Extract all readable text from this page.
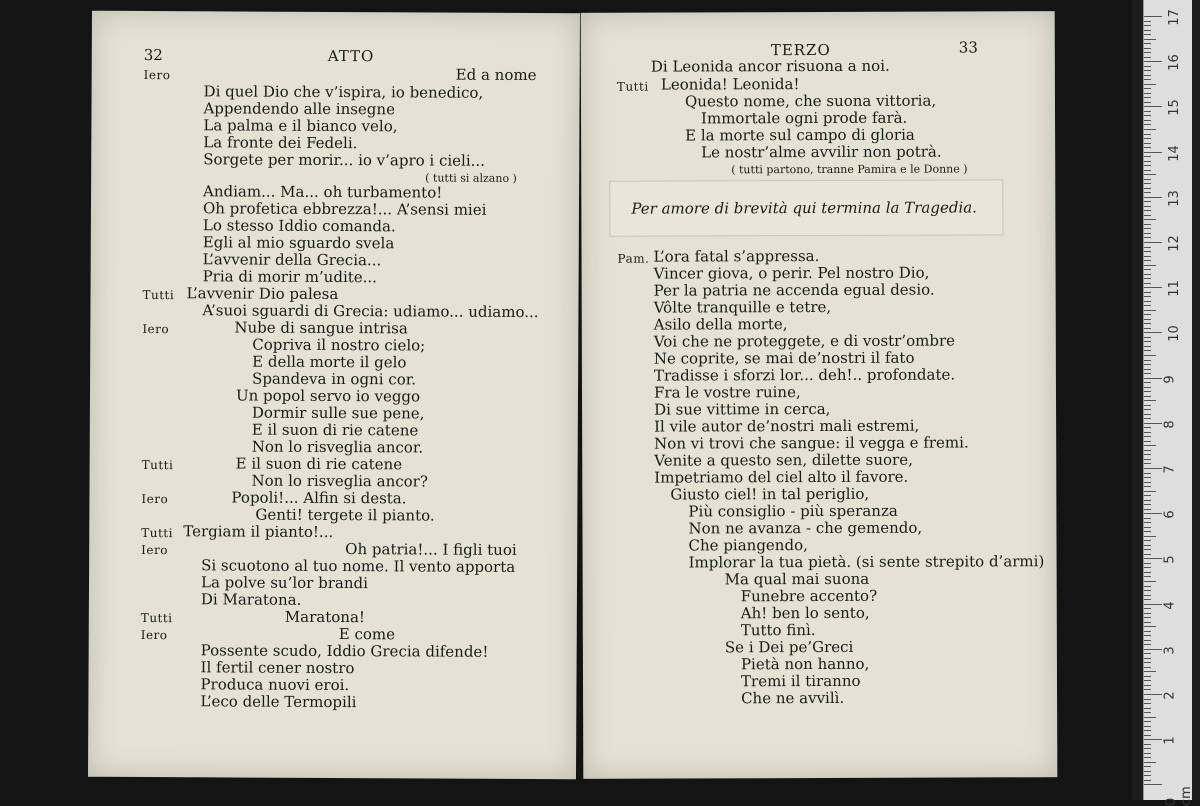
32	ATTO
Iero	Ed a nome
Di quel Dio che v’ispira, io benedico,
Appendendo alle insegne
La palma e il bianco velo,
La fronte dei Fedeli.
Sorgete per morir... io v’apro i cieli...
( tutti si alzano )
Andiam... Ma... oh turbamento!
Oh profetica ebbrezza!... A’sensi miei
Lo stesso Iddio comanda.
Egli al mio sguardo svela
L’avvenir della Grecia...
Pria di morir m’udite...
Tutti L’avvenir Dio palesa
A’suoi sguardi di Grecia: udiamo... udiamo...
Iero	Nube di sangue intrisa
Copriva il nostro cielo;
E della morte il gelo
Spandeva in ogni cor.
Un popol servo io veggo
Dormir sulle sue pene,
E il suon di rie catene
Non lo risveglia ancor.
Tutti	E il suon di rie catene
Non lo risveglia ancor?
Iero	Popoli!... Alfin si desta.
Genti! tergete il pianto.
Tutti Tergiam il pianto!...
Iero	Oh patria!... I figli tuoi
Si scuotono al tuo nome. Il vento apporta
La polve su’lor brandi
Di Maratona.
Tutti	Maratona!
Iero	E come
Possente scudo, Iddio Grecia difende!
Il fertil cener nostro
Produca nuovi eroi.
L’eco delle Termopili
TERZO	33
Di Leonida ancor risuona a noi.
Tutti Leonida! Leonida!
Questo nome, che suona vittoria,
Immortale ogni prode farà.
E la morte sul campo di gloria
Le nostr’alme avvilir non potrà.
( tutti partono, tranne Pamira e le Donne )
Per amore di brevità qui termina la Tragedia.
Pam. L’ora fatal s’appressa.
Vincer giova, o perir. Pel nostro Dio,
Per la patria ne accenda egual desio.
Vôlte tranquille e tetre,
Asilo della morte,
Voi che ne proteggete, e di vostr’ombre
Ne coprite, se mai de’nostri il fato
Tradisse i sforzi lor... deh!.. profondate.
Fra le vostre ruine,
Di sue vittime in cerca,
Il vile autor de’nostri mali estremi,
Non vi trovi che sangue: il vegga e fremi.
Venite a questo sen, dilette suore,
Impetriamo del ciel alto il favore.
Giusto ciel! in tal periglio,
Più consiglio - più speranza
Non ne avanza - che gemendo,
Che piangendo,
Implorar la tua pietà. (si sente strepito d’armi)
Ma qual mai suona
Funebre accento?
Ah! ben lo sento,
Tutto finì.
Se i Dei pe’Greci
Pietà non hanno,
Tremi il tiranno
Che ne avvilì.
17
16
15
14
13
12
11
10
9
8
7
6
5
4
3
2
1
0 cm
